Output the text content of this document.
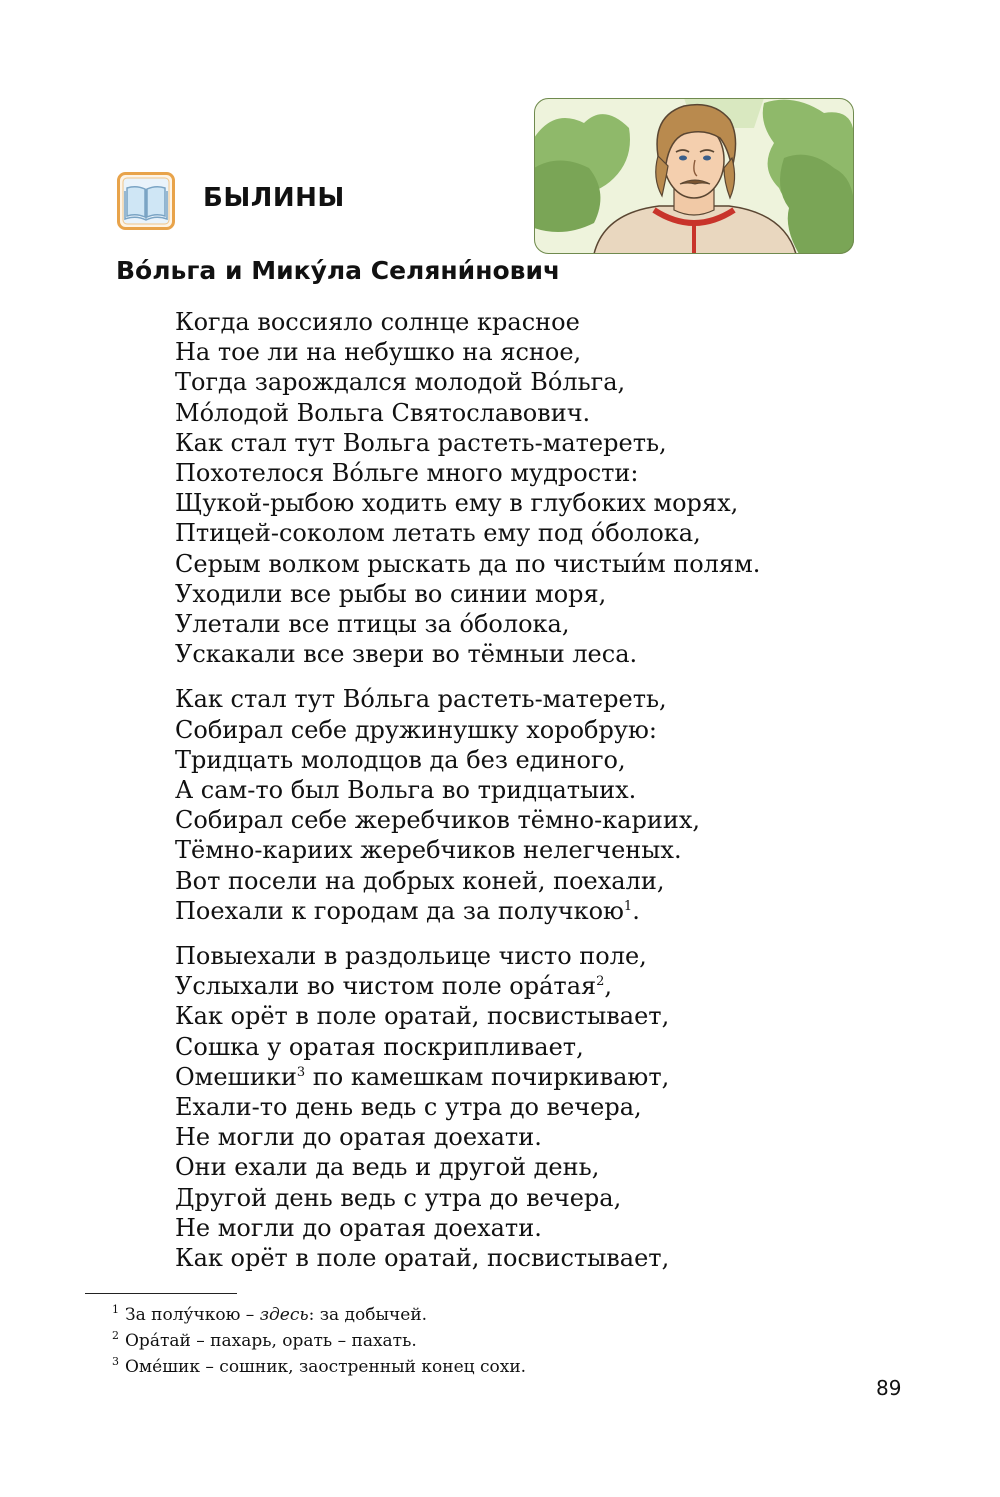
БЫЛИНЫ
Во́льга и Мику́ла Селяни́нович
Когда воссияло солнце красное
На тое ли на небушко на ясное,
Тогда зарождался молодой Во́льга,
Мо́лодой Вольга Святославович.
Как стал тут Вольга растеть-матереть,
Похотелося Во́льге много мудрости:
Щукой-рыбою ходить ему в глубоких морях,
Птицей-соколом летать ему под о́болока,
Серым волком рыскать да по чистыи́м полям.
Уходили все рыбы во синии моря,
Улетали все птицы за о́болока,
Ускакали все звери во тёмныи леса.
Как стал тут Во́льга растеть-матереть,
Собирал себе дружинушку хоробрую:
Тридцать молодцов да без единого,
А сам-то был Вольга во тридцатыих.
Собирал себе жеребчиков тёмно-кариих,
Тёмно-кариих жеребчиков нелегченых.
Вот посели на добрых коней, поехали,
Поехали к городам да за получкою$^1$.
Повыехали в раздольице чисто поле,
Услыхали во чистом поле ора́тая$^2$,
Как орёт в поле оратай, посвистывает,
Сошка у оратая поскрипливает,
Омешики$^3$ по камешкам почиркивают,
Ехали-то день ведь с утра до вечера,
Не могли до оратая доехати.
Они ехали да ведь и другой день,
Другой день ведь с утра до вечера,
Не могли до оратая доехати.
Как орёт в поле оратай, посвистывает,
$^1$ За полу́чкою – здесь: за добычей.
$^2$ Ора́тай – пахарь, орать – пахать.
$^3$ Оме́шик – сошник, заостренный конец сохи.
89
